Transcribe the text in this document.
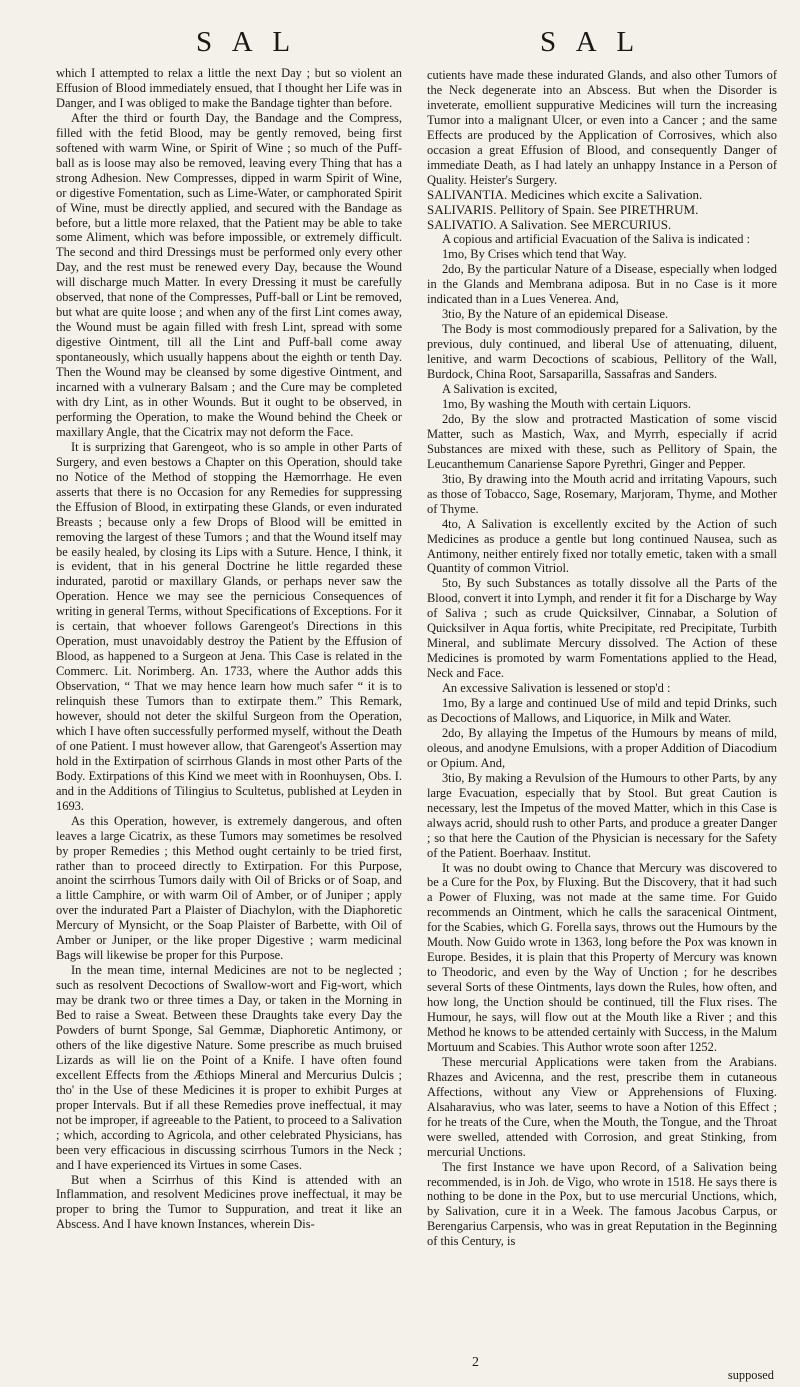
S A L	S A L

which I attempted to relax a little the next Day ; but so violent an Effusion of Blood immediately ensued, that I thought her Life was in Danger, and I was obliged to make the Bandage tighter than before.

After the third or fourth Day, the Bandage and the Compress, filled with the fetid Blood, may be gently removed, being first softened with warm Wine, or Spirit of Wine ; so much of the Puff-ball as is loose may also be removed, leaving every Thing that has a strong Adhesion. New Compresses, dipped in warm Spirit of Wine, or digestive Fomentation, such as Lime-Water, or camphorated Spirit of Wine, must be directly applied, and secured with the Bandage as before, but a little more relaxed, that the Patient may be able to take some Aliment, which was before impossible, or extremely difficult. The second and third Dressings must be performed only every other Day, and the rest must be renewed every Day, because the Wound will discharge much Matter. In every Dressing it must be carefully observed, that none of the Compresses, Puff-ball or Lint be removed, but what are quite loose ; and when any of the first Lint comes away, the Wound must be again filled with fresh Lint, spread with some digestive Ointment, till all the Lint and Puff-ball come away spontaneously, which usually happens about the eighth or tenth Day. Then the Wound may be cleansed by some digestive Ointment, and incarned with a vulnerary Balsam ; and the Cure may be completed with dry Lint, as in other Wounds. But it ought to be observed, in performing the Operation, to make the Wound behind the Cheek or maxillary Angle, that the Cicatrix may not deform the Face.

It is surprizing that Garengeot, who is so ample in other Parts of Surgery, and even bestows a Chapter on this Operation, should take no Notice of the Method of stopping the Hæmorrhage. He even asserts that there is no Occasion for any Remedies for suppressing the Effusion of Blood, in extirpating these Glands, or even indurated Breasts ; because only a few Drops of Blood will be emitted in removing the largest of these Tumors ; and that the Wound itself may be easily healed, by closing its Lips with a Suture. Hence, I think, it is evident, that in his general Doctrine he little regarded these indurated, parotid or maxillary Glands, or perhaps never saw the Operation. Hence we may see the pernicious Consequences of writing in general Terms, without Specifications of Exceptions. For it is certain, that whoever follows Garengeot's Directions in this Operation, must unavoidably destroy the Patient by the Effusion of Blood, as happened to a Surgeon at Jena. This Case is related in the Commerc. Lit. Norimberg. An. 1733, where the Author adds this Observation, “ That we may hence learn how much safer “ it is to relinquish these Tumors than to extirpate them.” This Remark, however, should not deter the skilful Surgeon from the Operation, which I have often successfully performed myself, without the Death of one Patient. I must however allow, that Garengeot's Assertion may hold in the Extirpation of scirrhous Glands in most other Parts of the Body. Extirpations of this Kind we meet with in Roonhuysen, Obs. I. and in the Additions of Tilingius to Scultetus, published at Leyden in 1693.

As this Operation, however, is extremely dangerous, and often leaves a large Cicatrix, as these Tumors may sometimes be resolved by proper Remedies ; this Method ought certainly to be tried first, rather than to proceed directly to Extirpation. For this Purpose, anoint the scirrhous Tumors daily with Oil of Bricks or of Soap, and a little Camphire, or with warm Oil of Amber, or of Juniper ; apply over the indurated Part a Plaister of Diachylon, with the Diaphoretic Mercury of Mynsicht, or the Soap Plaister of Barbette, with Oil of Amber or Juniper, or the like proper Digestive ; warm medicinal Bags will likewise be proper for this Purpose.

In the mean time, internal Medicines are not to be neglected ; such as resolvent Decoctions of Swallow-wort and Fig-wort, which may be drank two or three times a Day, or taken in the Morning in Bed to raise a Sweat. Between these Draughts take every Day the Powders of burnt Sponge, Sal Gemmæ, Diaphoretic Antimony, or others of the like digestive Nature. Some prescribe as much bruised Lizards as will lie on the Point of a Knife. I have often found excellent Effects from the Æthiops Mineral and Mercurius Dulcis ; tho' in the Use of these Medicines it is proper to exhibit Purges at proper Intervals. But if all these Remedies prove ineffectual, it may not be improper, if agreeable to the Patient, to proceed to a Salivation ; which, according to Agricola, and other celebrated Physicians, has been very efficacious in discussing scirrhous Tumors in the Neck ; and I have experienced its Virtues in some Cases.

But when a Scirrhus of this Kind is attended with an Inflammation, and resolvent Medicines prove ineffectual, it may be proper to bring the Tumor to Suppuration, and treat it like an Abscess. And I have known Instances, wherein Dis-

cutients have made these indurated Glands, and also other Tumors of the Neck degenerate into an Abscess. But when the Disorder is inveterate, emollient suppurative Medicines will turn the increasing Tumor into a malignant Ulcer, or even into a Cancer ; and the same Effects are produced by the Application of Corrosives, which also occasion a great Effusion of Blood, and consequently Danger of immediate Death, as I had lately an unhappy Instance in a Person of Quality. Heister's Surgery.

SALIVANTIA. Medicines which excite a Salivation.

SALIVARIS. Pellitory of Spain. See PIRETHRUM.

SALIVATIO. A Salivation. See MERCURIUS.

A copious and artificial Evacuation of the Saliva is indicated :

1mo, By Crises which tend that Way.

2do, By the particular Nature of a Disease, especially when lodged in the Glands and Membrana adiposa. But in no Case is it more indicated than in a Lues Venerea. And,

3tio, By the Nature of an epidemical Disease.

The Body is most commodiously prepared for a Salivation, by the previous, duly continued, and liberal Use of attenuating, diluent, lenitive, and warm Decoctions of scabious, Pellitory of the Wall, Burdock, China Root, Sarsaparilla, Sassafras and Sanders.

A Salivation is excited,

1mo, By washing the Mouth with certain Liquors.

2do, By the slow and protracted Mastication of some viscid Matter, such as Mastich, Wax, and Myrrh, especially if acrid Substances are mixed with these, such as Pellitory of Spain, the Leucanthemum Canariense Sapore Pyrethri, Ginger and Pepper.

3tio, By drawing into the Mouth acrid and irritating Vapours, such as those of Tobacco, Sage, Rosemary, Marjoram, Thyme, and Mother of Thyme.

4to, A Salivation is excellently excited by the Action of such Medicines as produce a gentle but long continued Nausea, such as Antimony, neither entirely fixed nor totally emetic, taken with a small Quantity of common Vitriol.

5to, By such Substances as totally dissolve all the Parts of the Blood, convert it into Lymph, and render it fit for a Discharge by Way of Saliva ; such as crude Quicksilver, Cinnabar, a Solution of Quicksilver in Aqua fortis, white Precipitate, red Precipitate, Turbith Mineral, and sublimate Mercury dissolved. The Action of these Medicines is promoted by warm Fomentations applied to the Head, Neck and Face.

An excessive Salivation is lessened or stop'd :

1mo, By a large and continued Use of mild and tepid Drinks, such as Decoctions of Mallows, and Liquorice, in Milk and Water.

2do, By allaying the Impetus of the Humours by means of mild, oleous, and anodyne Emulsions, with a proper Addition of Diacodium or Opium. And,

3tio, By making a Revulsion of the Humours to other Parts, by any large Evacuation, especially that by Stool. But great Caution is necessary, lest the Impetus of the moved Matter, which in this Case is always acrid, should rush to other Parts, and produce a greater Danger ; so that here the Caution of the Physician is necessary for the Safety of the Patient. Boerhaav. Institut.

It was no doubt owing to Chance that Mercury was discovered to be a Cure for the Pox, by Fluxing. But the Discovery, that it had such a Power of Fluxing, was not made at the same time. For Guido recommends an Ointment, which he calls the saracenical Ointment, for the Scabies, which G. Forella says, throws out the Humours by the Mouth. Now Guido wrote in 1363, long before the Pox was known in Europe. Besides, it is plain that this Property of Mercury was known to Theodoric, and even by the Way of Unction ; for he describes several Sorts of these Ointments, lays down the Rules, how often, and how long, the Unction should be continued, till the Flux rises. The Humour, he says, will flow out at the Mouth like a River ; and this Method he knows to be attended certainly with Success, in the Malum Mortuum and Scabies. This Author wrote soon after 1252.

These mercurial Applications were taken from the Arabians. Rhazes and Avicenna, and the rest, prescribe them in cutaneous Affections, without any View or Apprehensions of Fluxing. Alsaharavius, who was later, seems to have a Notion of this Effect ; for he treats of the Cure, when the Mouth, the Tongue, and the Throat were swelled, attended with Corrosion, and great Stinking, from mercurial Unctions.

The first Instance we have upon Record, of a Salivation being recommended, is in Joh. de Vigo, who wrote in 1518. He says there is nothing to be done in the Pox, but to use mercurial Unctions, which, by Salivation, cure it in a Week. The famous Jacobus Carpus, or Berengarius Carpensis, who was in great Reputation in the Beginning of this Century, is

2
supposed
